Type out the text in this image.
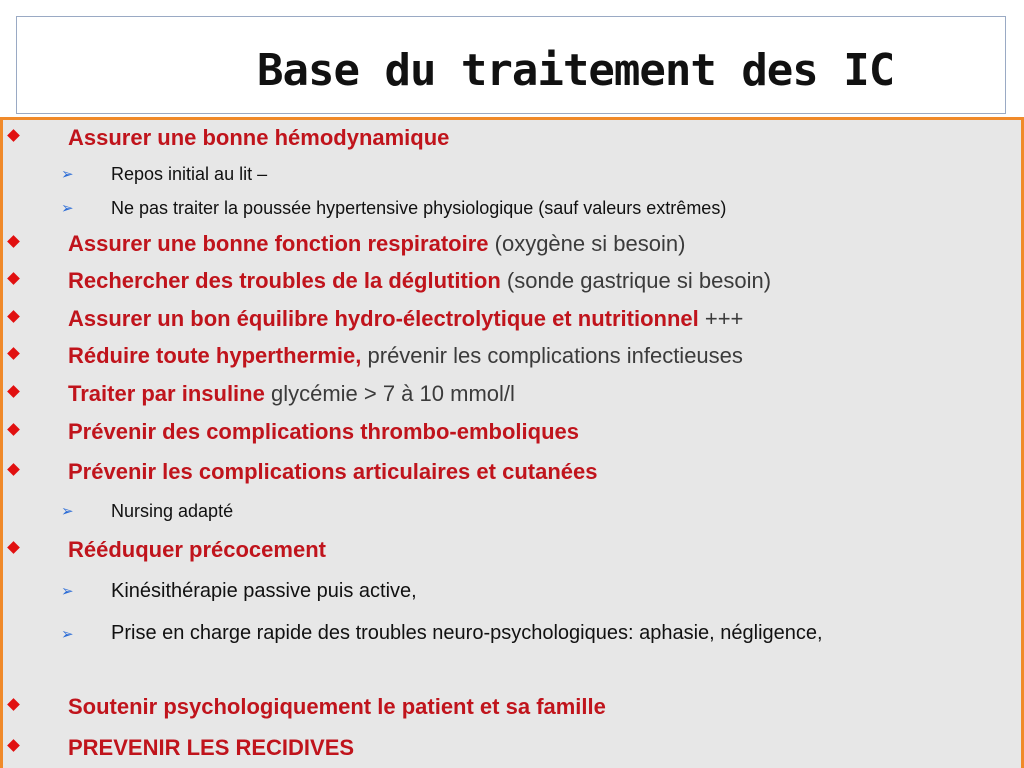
Base du traitement des IC
Assurer une bonne hémodynamique
➢ Repos initial au lit –
➢ Ne pas traiter la poussée hypertensive physiologique (sauf valeurs extrêmes)
Assurer une bonne fonction respiratoire (oxygène si besoin)
Rechercher des troubles de la déglutition (sonde gastrique si besoin)
Assurer un bon équilibre hydro-électrolytique et nutritionnel +++
Réduire toute hyperthermie, prévenir les complications infectieuses
Traiter par insuline glycémie > 7 à 10 mmol/l
Prévenir des complications thrombo-emboliques
Prévenir les complications articulaires et cutanées
➢ Nursing adapté
Rééduquer précocement
➢ Kinésithérapie passive puis active,
➢ Prise en charge rapide des troubles neuro-psychologiques: aphasie, négligence,
Soutenir psychologiquement le patient et sa famille
PREVENIR LES RECIDIVES
